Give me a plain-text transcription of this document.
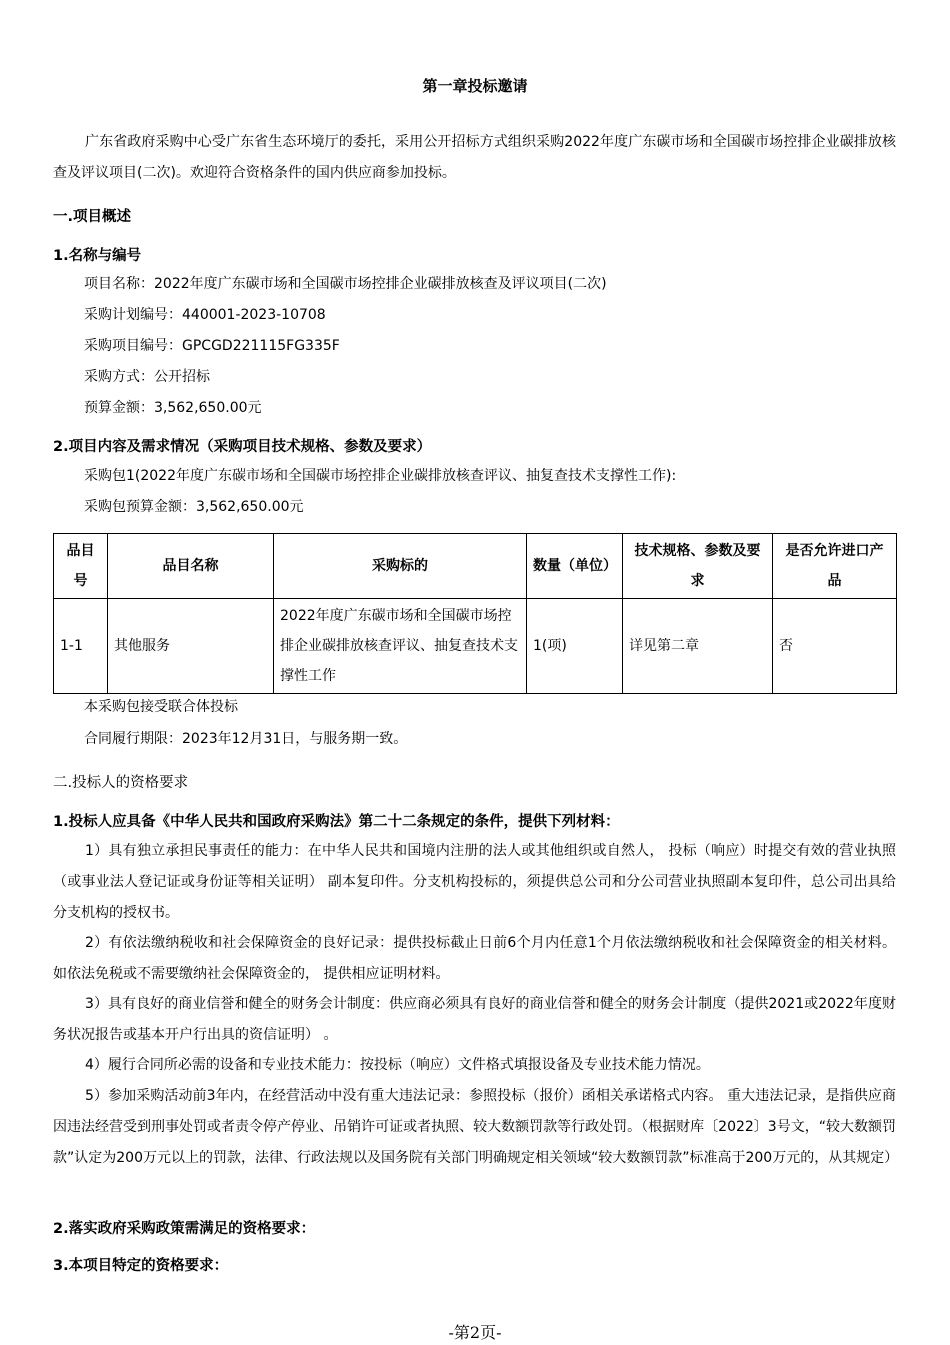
第一章投标邀请
广东省政府采购中心受广东省生态环境厅的委托，采用公开招标方式组织采购2022年度广东碳市场和全国碳市场控排企业碳排放核查及评议项目(二次)。欢迎符合资格条件的国内供应商参加投标。
一.项目概述
1.名称与编号
项目名称：2022年度广东碳市场和全国碳市场控排企业碳排放核查及评议项目(二次)
采购计划编号：440001-2023-10708
采购项目编号：GPCGD221115FG335F
采购方式：公开招标
预算金额：3,562,650.00元
2.项目内容及需求情况（采购项目技术规格、参数及要求）
采购包1(2022年度广东碳市场和全国碳市场控排企业碳排放核查评议、抽复查技术支撑性工作):
采购包预算金额：3,562,650.00元
品目号	品目名称	采购标的	数量（单位）	技术规格、参数及要求	是否允许进口产品
1-1	其他服务	2022年度广东碳市场和全国碳市场控排企业碳排放核查评议、抽复查技术支撑性工作	1(项)	详见第二章	否
本采购包接受联合体投标
合同履行期限：2023年12月31日，与服务期一致。
二.投标人的资格要求
1.投标人应具备《中华人民共和国政府采购法》第二十二条规定的条件，提供下列材料：
1）具有独立承担民事责任的能力：在中华人民共和国境内注册的法人或其他组织或自然人， 投标（响应）时提交有效的营业执照（或事业法人登记证或身份证等相关证明） 副本复印件。分支机构投标的，须提供总公司和分公司营业执照副本复印件，总公司出具给分支机构的授权书。
2）有依法缴纳税收和社会保障资金的良好记录：提供投标截止日前6个月内任意1个月依法缴纳税收和社会保障资金的相关材料。 如依法免税或不需要缴纳社会保障资金的， 提供相应证明材料。
3）具有良好的商业信誉和健全的财务会计制度：供应商必须具有良好的商业信誉和健全的财务会计制度（提供2021或2022年度财务状况报告或基本开户行出具的资信证明） 。
4）履行合同所必需的设备和专业技术能力：按投标（响应）文件格式填报设备及专业技术能力情况。
5）参加采购活动前3年内，在经营活动中没有重大违法记录：参照投标（报价）函相关承诺格式内容。 重大违法记录，是指供应商因违法经营受到刑事处罚或者责令停产停业、吊销许可证或者执照、较大数额罚款等行政处罚。（根据财库〔2022〕3号文，“较大数额罚款”认定为200万元以上的罚款，法律、行政法规以及国务院有关部门明确规定相关领域“较大数额罚款”标准高于200万元的，从其规定）
2.落实政府采购政策需满足的资格要求：
3.本项目特定的资格要求：
-第2页-
